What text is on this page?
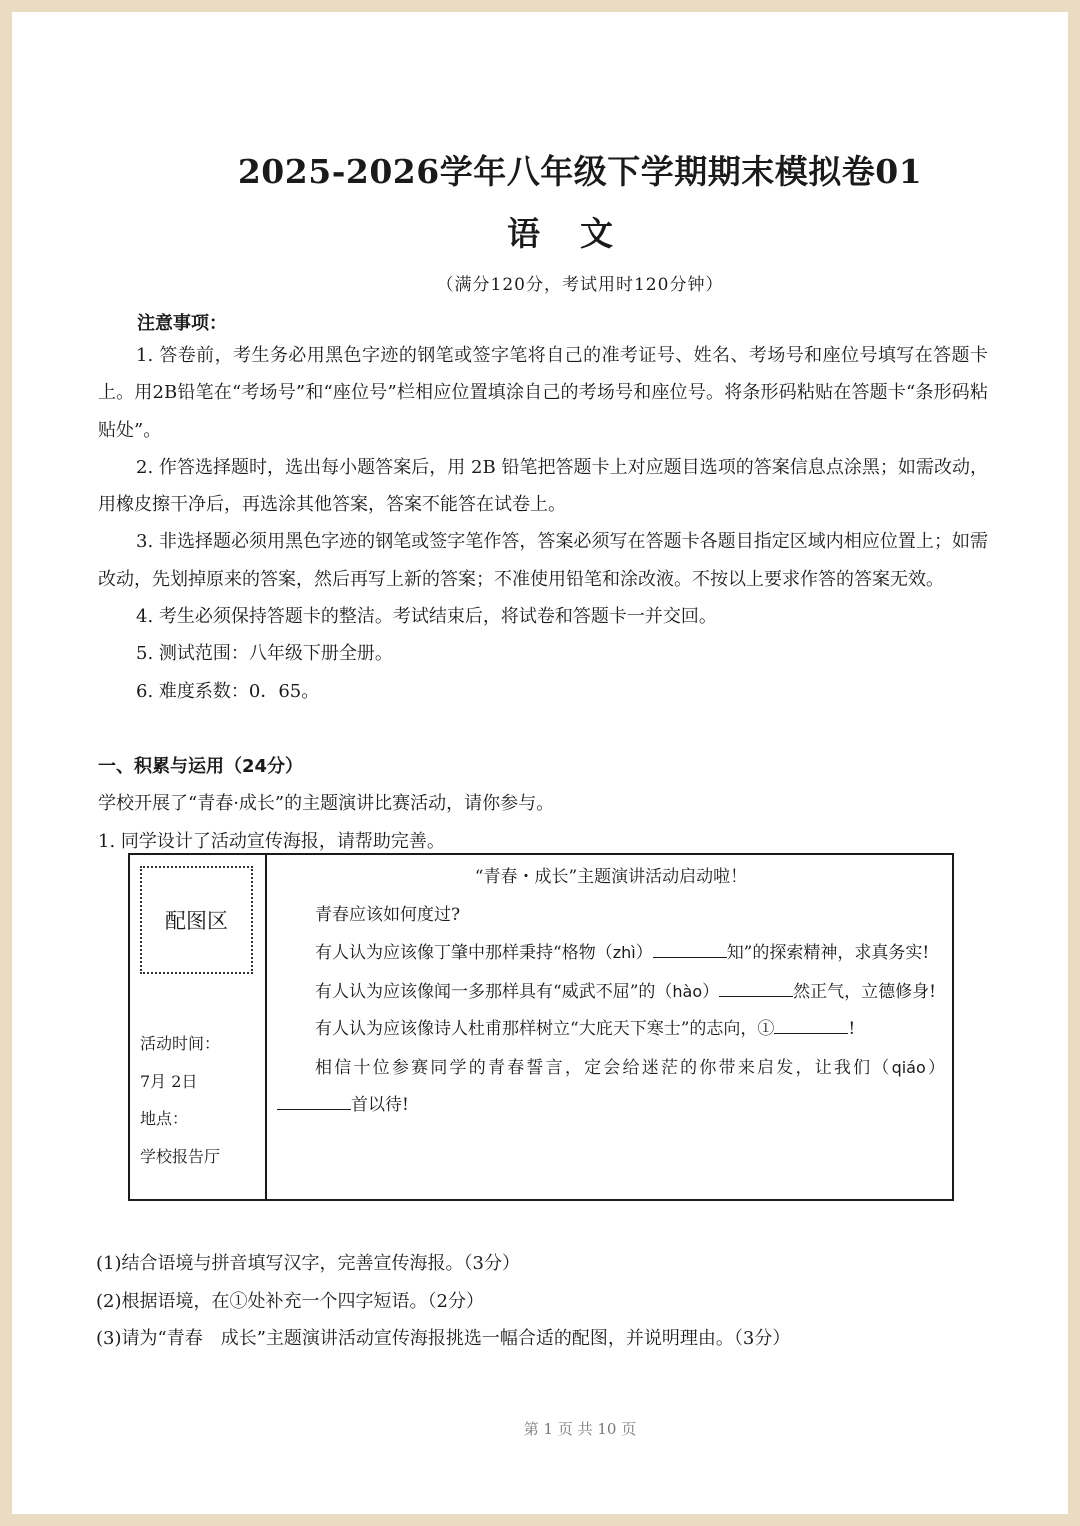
2025-2026学年八年级下学期期末模拟卷01
语文
（满分120分，考试用时120分钟）
注意事项：

1. 答卷前，考生务必用黑色字迹的钢笔或签字笔将自己的准考证号、姓名、考场号和座位号填写在答题卡上。用2B铅笔在“考场号”和“座位号”栏相应位置填涂自己的考场号和座位号。将条形码粘贴在答题卡“条形码粘贴处”。

2. 作答选择题时，选出每小题答案后，用 2B 铅笔把答题卡上对应题目选项的答案信息点涂黑；如需改动，用橡皮擦干净后，再选涂其他答案，答案不能答在试卷上。

3. 非选择题必须用黑色字迹的钢笔或签字笔作答，答案必须写在答题卡各题目指定区域内相应位置上；如需改动，先划掉原来的答案，然后再写上新的答案；不准使用铅笔和涂改液。不按以上要求作答的答案无效。

4. 考生必须保持答题卡的整洁。考试结束后，将试卷和答题卡一并交回。

5. 测试范围：八年级下册全册。

6. 难度系数：0．65。

一、积累与运用（24分）
学校开展了“青春·成长”的主题演讲比赛活动，请你参与。
1. 同学设计了活动宣传海报，请帮助完善。
配图区
活动时间：
7月 2日
地点：
学校报告厅
“青春・成长”主题演讲活动启动啦！

青春应该如何度过?

有人认为应该像丁肇中那样秉持“格物（zhì）	知”的探索精神，求真务实!

有人认为应该像闻一多那样具有“威武不屈”的（hào）	然正气，立德修身!

有人认为应该像诗人杜甫那样树立“大庇天下寒士”的志向，①	!

相信十位参赛同学的青春誓言，定会给迷茫的你带来启发，让我们（qiáo）首以待!

(1)结合语境与拼音填写汉字，完善宣传海报。（3分）
(2)根据语境，在①处补充一个四字短语。（2分）
(3)请为“青春　成长”主题演讲活动宣传海报挑选一幅合适的配图，并说明理由。（3分）
第 1 页 共 10 页
